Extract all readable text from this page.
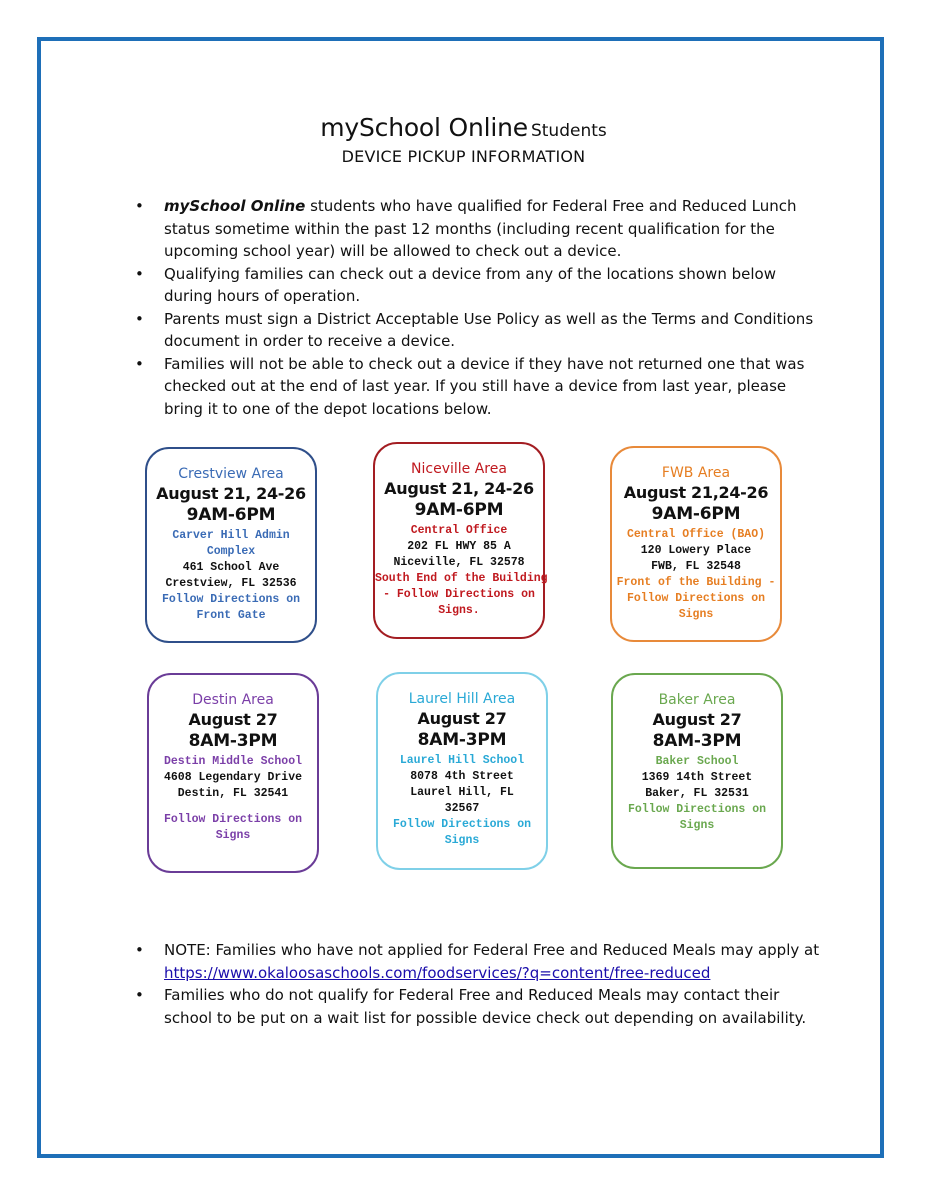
mySchool Online Students
DEVICE PICKUP INFORMATION
• mySchool Online students who have qualified for Federal Free and Reduced Lunch status sometime within the past 12 months (including recent qualification for the upcoming school year) will be allowed to check out a device.
• Qualifying families can check out a device from any of the locations shown below during hours of operation.
• Parents must sign a District Acceptable Use Policy as well as the Terms and Conditions document in order to receive a device.
• Families will not be able to check out a device if they have not returned one that was checked out at the end of last year. If you still have a device from last year, please bring it to one of the depot locations below.
Crestview Area
August 21, 24-26
9AM-6PM
Carver Hill Admin
Complex
461 School Ave
Crestview, FL 32536
Follow Directions on
Front Gate
Niceville Area
August 21, 24-26
9AM-6PM
Central Office
202 FL HWY 85 A
Niceville, FL 32578
South End of the Building
- Follow Directions on
Signs.
FWB Area
August 21,24-26
9AM-6PM
Central Office (BAO)
120 Lowery Place
FWB, FL 32548
Front of the Building -
Follow Directions on
Signs
Destin Area
August 27
8AM-3PM
Destin Middle School
4608 Legendary Drive
Destin, FL 32541
Follow Directions on
Signs
Laurel Hill Area
August 27
8AM-3PM
Laurel Hill School
8078 4th Street
Laurel Hill, FL
32567
Follow Directions on
Signs
Baker Area
August 27
8AM-3PM
Baker School
1369 14th Street
Baker, FL 32531
Follow Directions on
Signs
• NOTE: Families who have not applied for Federal Free and Reduced Meals may apply at
https://www.okaloosaschools.com/foodservices/?q=content/free-reduced
• Families who do not qualify for Federal Free and Reduced Meals may contact their school to be put on a wait list for possible device check out depending on availability.
